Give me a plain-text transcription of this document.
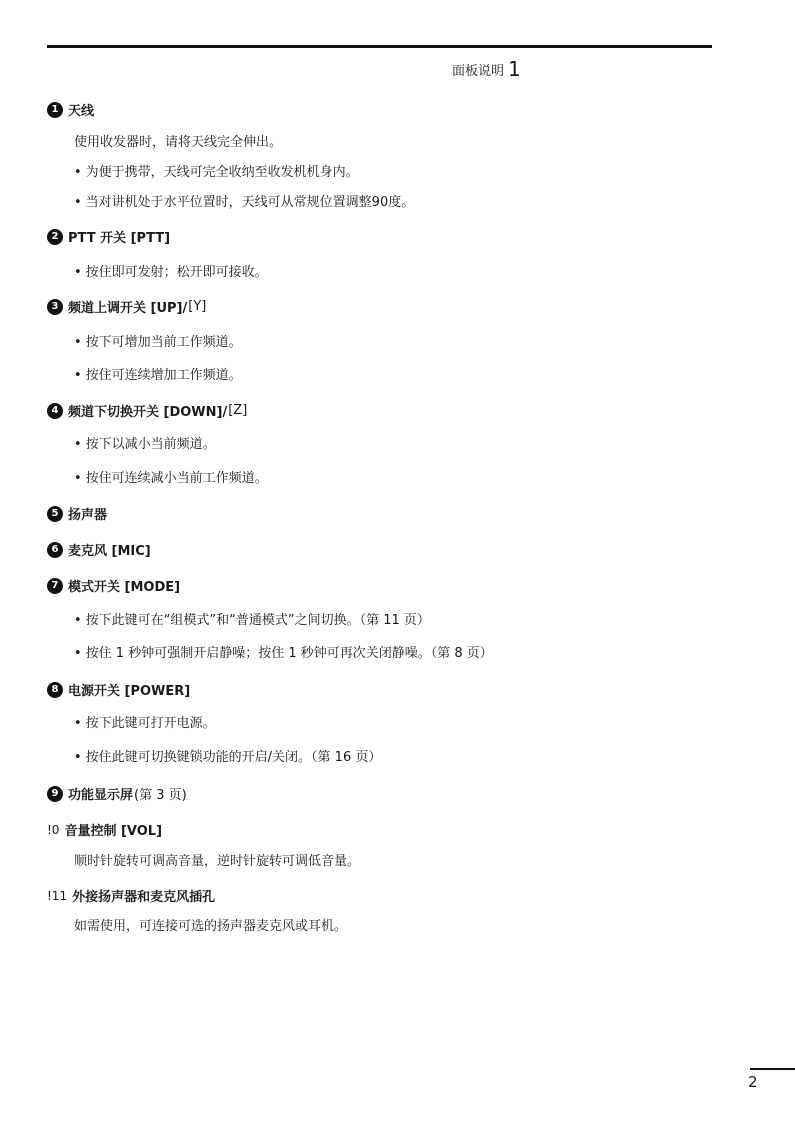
面板说明 1
1 天线
使用收发器时，请将天线完全伸出。
• 为便于携带，天线可完全收纳至收发机机身内。
• 当对讲机处于水平位置时，天线可从常规位置调整90度。
2 PTT 开关 [PTT]
• 按住即可发射；松开即可接收。
3 频道上调开关 [UP]/ [Y]
• 按下可增加当前工作频道。
• 按住可连续增加工作频道。
4 频道下切换开关 [DOWN]/ [Z]
• 按下以减小当前频道。
• 按住可连续减小当前工作频道。
5 扬声器
6 麦克风 [MIC]
7 模式开关 [MODE]
• 按下此键可在“组模式”和“普通模式”之间切换。（第 11 页）
• 按住 1 秒钟可强制开启静噪；按住 1 秒钟可再次关闭静噪。（第 8 页）
8 电源开关 [POWER]
• 按下此键可打开电源。
• 按住此键可切换键锁功能的开启/关闭。（第 16 页）
9 功能显示屏 (第 3 页)
!0 音量控制 [VOL]
顺时针旋转可调高音量，逆时针旋转可调低音量。
!11 外接扬声器和麦克风插孔
如需使用，可连接可选的扬声器麦克风或耳机。
2
